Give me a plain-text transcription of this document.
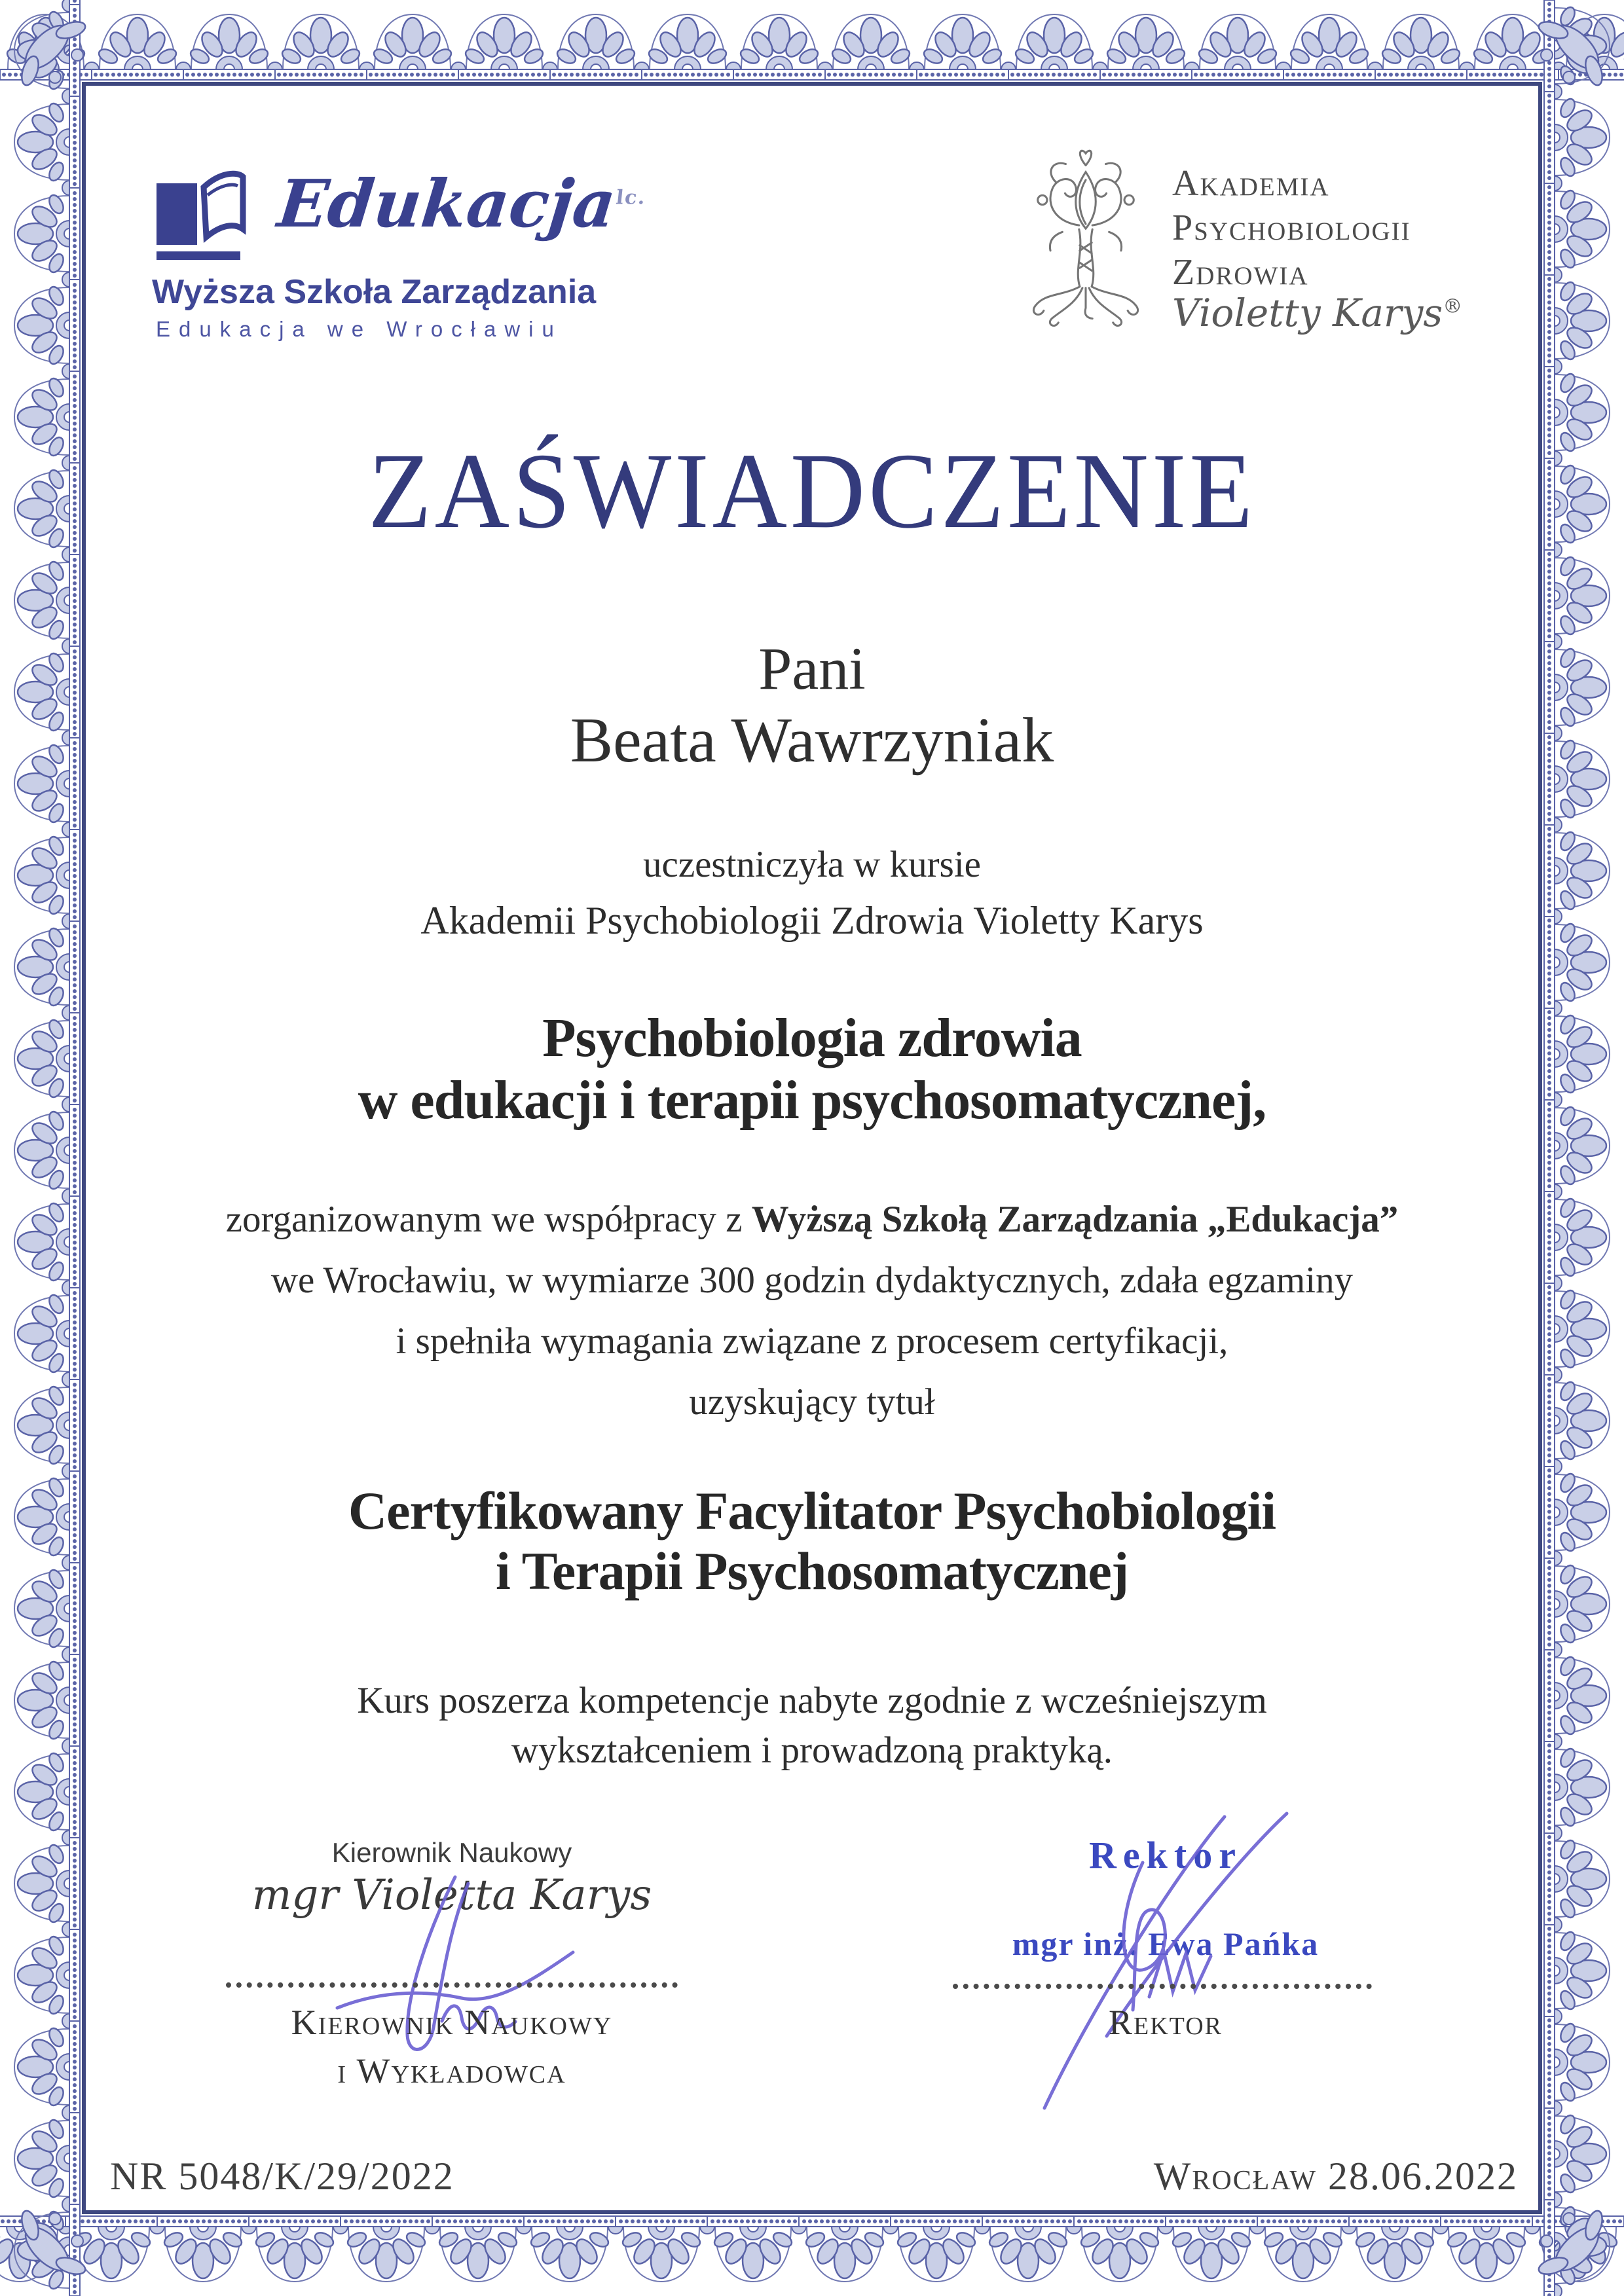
Edukacja$^{lc.}$
Wyższa Szkoła Zarządzania
Edukacja we Wrocławiu
Akademia
Psychobiologii
Zdrowia
Violetty Karys®
ZAŚWIADCZENIE
Pani
Beata Wawrzyniak
uczestniczyła w kursie
Akademii Psychobiologii Zdrowia Violetty Karys
Psychobiologia zdrowia
w edukacji i terapii psychosomatycznej,
zorganizowanym we współpracy z Wyższą Szkołą Zarządzania „Edukacja”
we Wrocławiu, w wymiarze 300 godzin dydaktycznych, zdała egzaminy
i spełniła wymagania związane z procesem certyfikacji,
uzyskujący tytuł
Certyfikowany Facylitator Psychobiologii
i Terapii Psychosomatycznej
Kurs poszerza kompetencje nabyte zgodnie z wcześniejszym
wykształceniem i prowadzoną praktyką.
Kierownik Naukowy
mgr Violetta Karys
Kierownik Naukowy
i Wykładowca
Rektor
mgr inż. Ewa Pańka
Rektor
NR 5048/K/29/2022	Wrocław 28.06.2022
